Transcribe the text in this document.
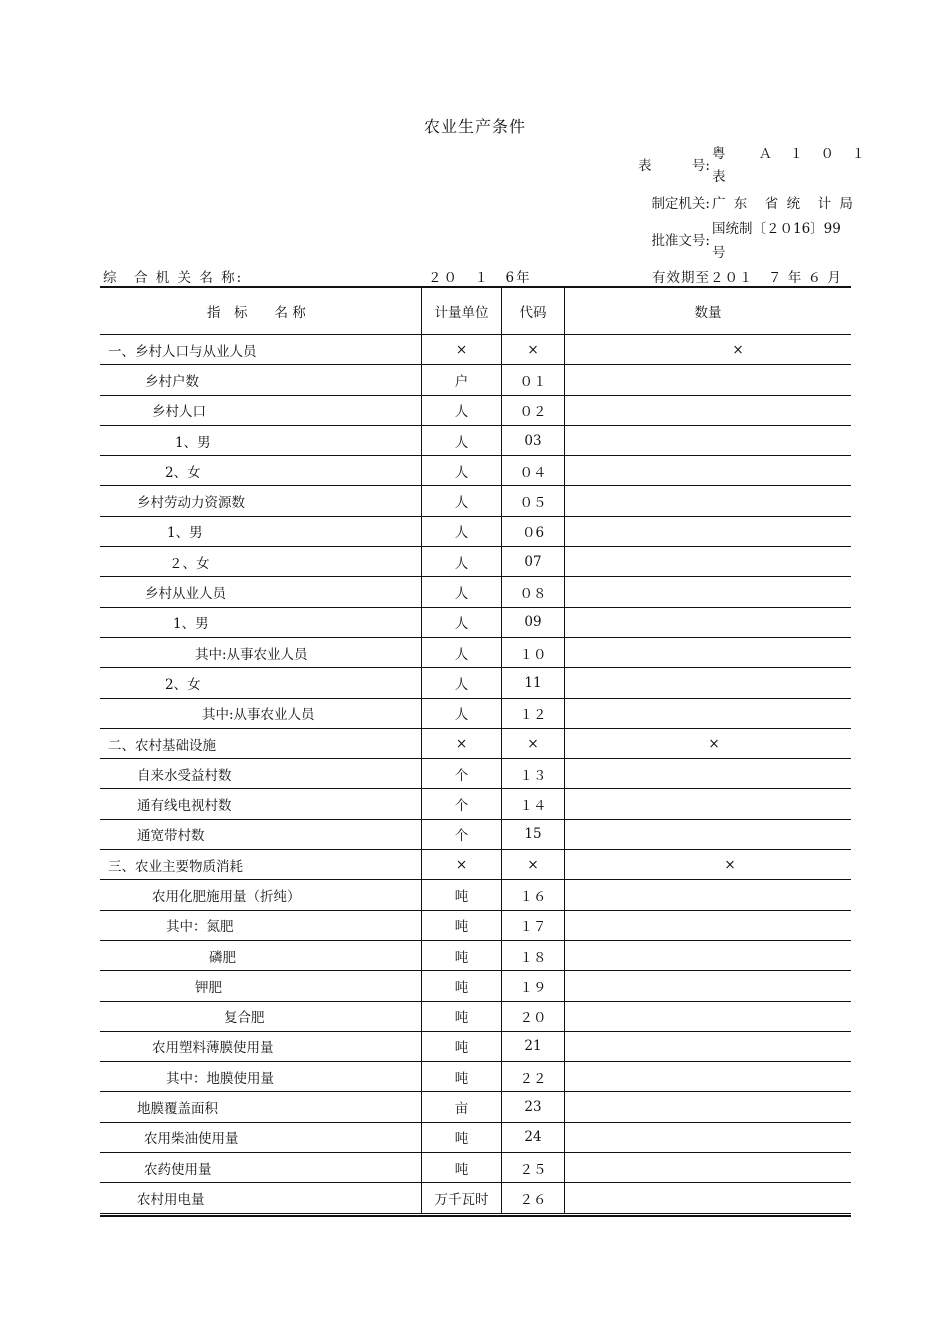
农业生产条件
表　　　号:
粤　　Ａ　１　０　１
表
制定机关: 广 东　省 统　计 局
批准文号:
国统制〔２０16〕99
号
综　合 机 关 名 称:	２０　１　6年	有效期至２０１　７ 年 ６ 月
指　标　　名 称	计量单位	代码	数量
一、乡村人口与从业人员	×	×	×
乡村户数	户	０１	
乡村人口	人	０２	
1、男	人	03	
2、女	人	０４	
乡村劳动力资源数	人	０５	
1、男	人	０6	
２、女	人	07	
乡村从业人员	人	０８	
1、男	人	09	
其中:从事农业人员	人	１０	
2、女	人	11	
其中:从事农业人员	人	１２	
二、农村基础设施	×	×	×
自来水受益村数	个	１３	
通有线电视村数	个	１４	
通宽带村数	个	15	
三、农业主要物质消耗	×	×	×
农用化肥施用量（折纯）	吨	１６	
其中：氮肥	吨	１７	
磷肥	吨	１８	
钾肥	吨	１９	
复合肥	吨	２０	
农用塑料薄膜使用量	吨	21	
其中：地膜使用量	吨	２２	
地膜覆盖面积	亩	23	
农用柴油使用量	吨	24	
农药使用量	吨	２５	
农村用电量	万千瓦时	２６	
